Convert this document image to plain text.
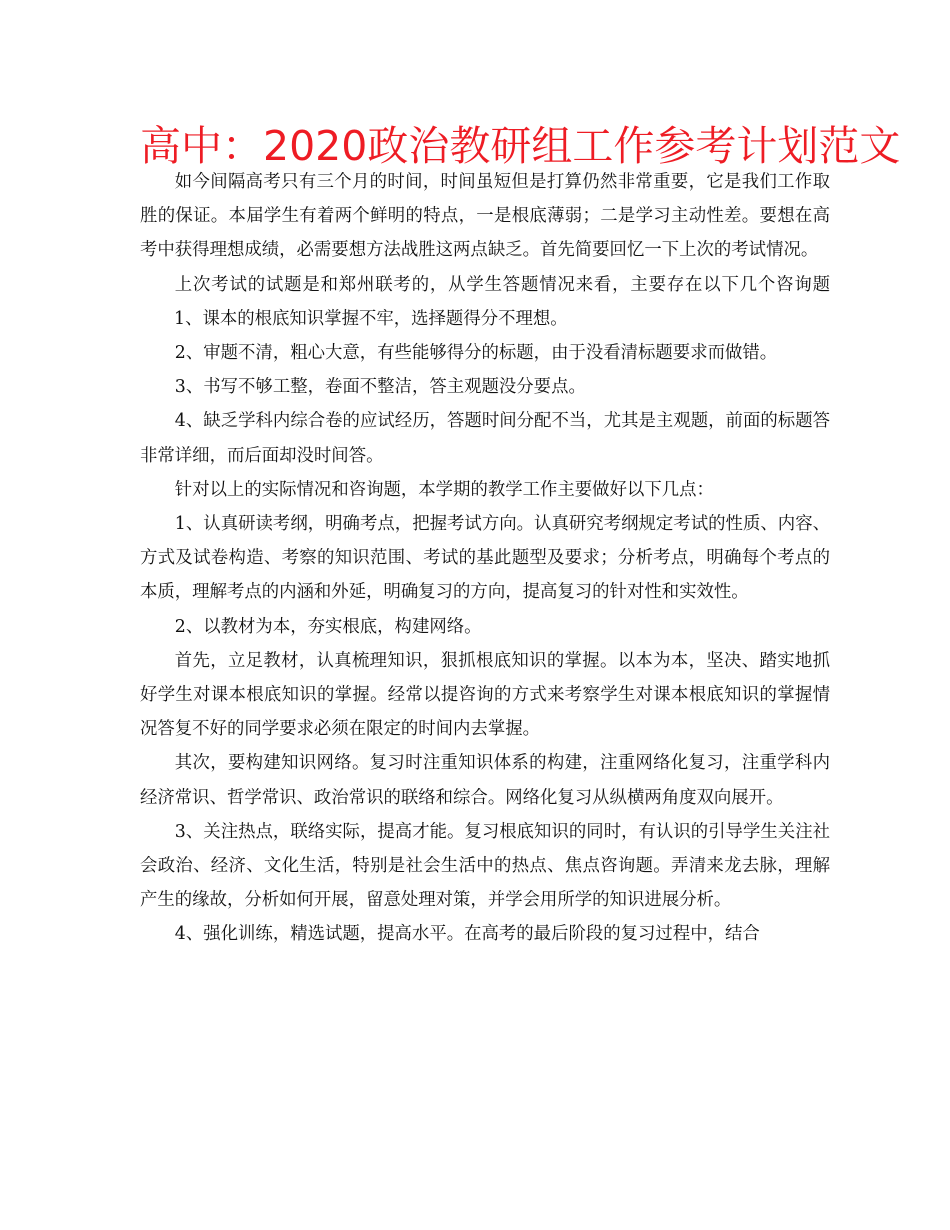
高中：2020政治教研组工作参考计划范文

如今间隔高考只有三个月的时间，时间虽短但是打算仍然非常重要，它是我们工作取胜的保证。本届学生有着两个鲜明的特点，一是根底薄弱；二是学习主动性差。要想在高考中获得理想成绩，必需要想方法战胜这两点缺乏。首先简要回忆一下上次的考试情况。

上次考试的试题是和郑州联考的，从学生答题情况来看，主要存在以下几个咨询题1、课本的根底知识掌握不牢，选择题得分不理想。

2、审题不清，粗心大意，有些能够得分的标题，由于没看清标题要求而做错。

3、书写不够工整，卷面不整洁，答主观题没分要点。

4、缺乏学科内综合卷的应试经历，答题时间分配不当，尤其是主观题，前面的标题答非常详细，而后面却没时间答。

针对以上的实际情况和咨询题，本学期的教学工作主要做好以下几点：

1、认真研读考纲，明确考点，把握考试方向。认真研究考纲规定考试的性质、内容、方式及试卷构造、考察的知识范围、考试的基此题型及要求；分析考点，明确每个考点的本质，理解考点的内涵和外延，明确复习的方向，提高复习的针对性和实效性。

2、以教材为本，夯实根底，构建网络。

首先，立足教材，认真梳理知识，狠抓根底知识的掌握。以本为本，坚决、踏实地抓好学生对课本根底知识的掌握。经常以提咨询的方式来考察学生对课本根底知识的掌握情况答复不好的同学要求必须在限定的时间内去掌握。

其次，要构建知识网络。复习时注重知识体系的构建，注重网络化复习，注重学科内经济常识、哲学常识、政治常识的联络和综合。网络化复习从纵横两角度双向展开。

3、关注热点，联络实际，提高才能。复习根底知识的同时，有认识的引导学生关注社会政治、经济、文化生活，特别是社会生活中的热点、焦点咨询题。弄清来龙去脉，理解产生的缘故，分析如何开展，留意处理对策，并学会用所学的知识进展分析。

4、强化训练，精选试题，提高水平。在高考的最后阶段的复习过程中，结合
